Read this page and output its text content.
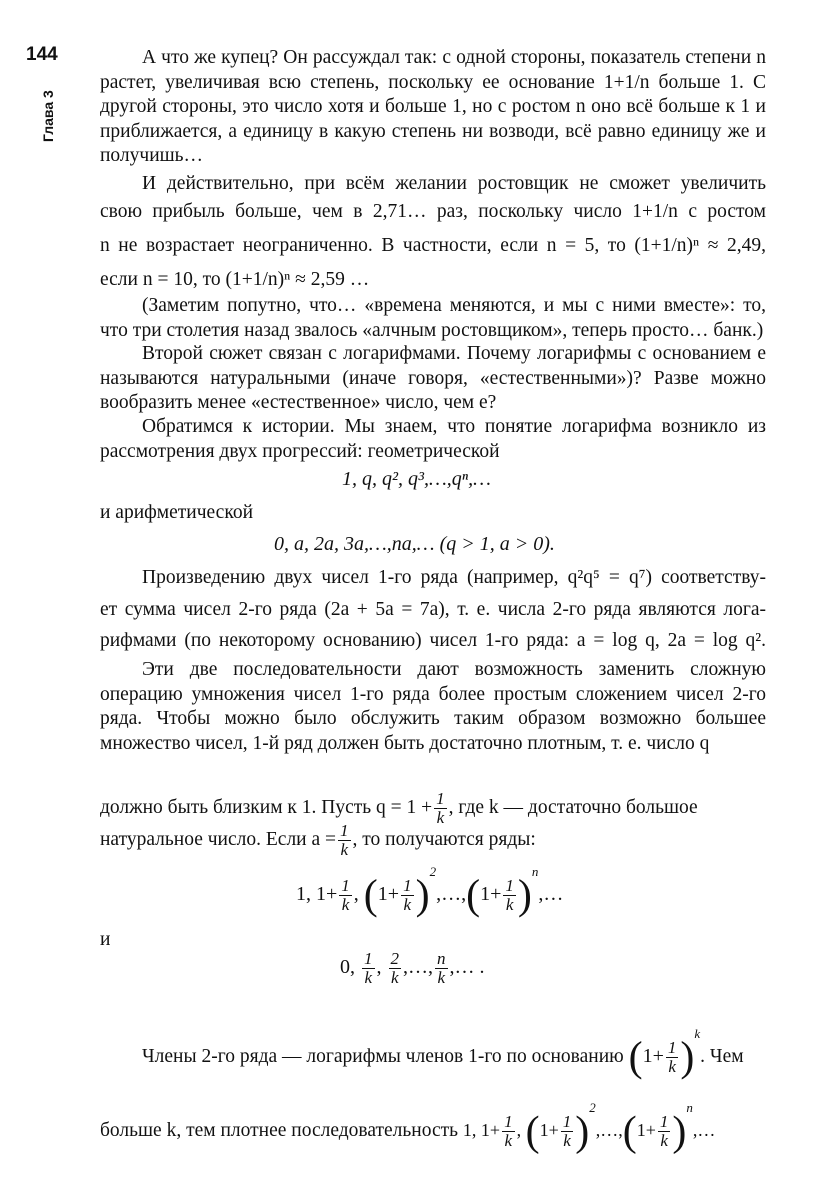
144
Глава 3
А что же купец? Он рассуждал так: с одной стороны, показатель степени n растет, увеличивая всю степень, поскольку ее основание 1+1/n больше 1. С другой стороны, это число хотя и больше 1, но с ростом n оно всё больше к 1 и приближается, а единицу в какую степень ни возводи, всё равно единицу же и получишь…
И действительно, при всём желании ростовщик не сможет увеличить
свою прибыль больше, чем в 2,71… раз, поскольку число 1+1/n с ростом
n не возрастает неограниченно. В частности, если n = 5, то (1+1/n)ⁿ ≈ 2,49,
если n = 10, то (1+1/n)ⁿ ≈ 2,59 …
(Заметим попутно, что… «времена меняются, и мы с ними вместе»: то, что три столетия назад звалось «алчным ростовщиком», теперь просто… банк.)
Второй сюжет связан с логарифмами. Почему логарифмы с основанием e называются натуральными (иначе говоря, «естественными»)? Разве можно вообразить менее «естественное» число, чем e?
Обратимся к истории. Мы знаем, что понятие логарифма возникло из рассмотрения двух прогрессий: геометрической
1, q, q², q³,…,qⁿ,…
и арифметической
0, a, 2a, 3a,…,na,… (q > 1, a > 0).
Произведению двух чисел 1-го ряда (например, q²q⁵ = q⁷) соответству-
ет сумма чисел 2-го ряда (2a + 5a = 7a), т. е. числа 2-го ряда являются лога-
рифмами (по некоторому основанию) чисел 1-го ряда: a = log q, 2a = log q².
Эти две последовательности дают возможность заменить сложную операцию умножения чисел 1-го ряда более простым сложением чисел 2-го ряда. Чтобы можно было обслужить таким образом возможно большее множество чисел, 1-й ряд должен быть достаточно плотным, т. е. число q
должно быть близким к 1. Пусть $q = 1 + \frac{1}{k}$ , где k — достаточно большое
натуральное число. Если $a = \frac{1}{k}$ , то получаются ряды:
1, $1+ \frac{1}{k}$ , ($1+ \frac{1}{k}$ )$^2,\dots,(1+ \frac{1}{k}$ )$^n$,…
и
0, $\frac{1}{k}$ , $\frac{2}{k}$ ,…, $\frac{n}{k}$ ,… .
Члены 2-го ряда — логарифмы членов 1-го по основанию $(1+ \frac{1}{k} )^k$. Чем
больше k, тем плотнее последовательность 1, $1+ \frac{1}{k}$ , ($1+ \frac{1}{k}$ )$^2,\dots,(1+ \frac{1}{k}$ )$^n$,…
